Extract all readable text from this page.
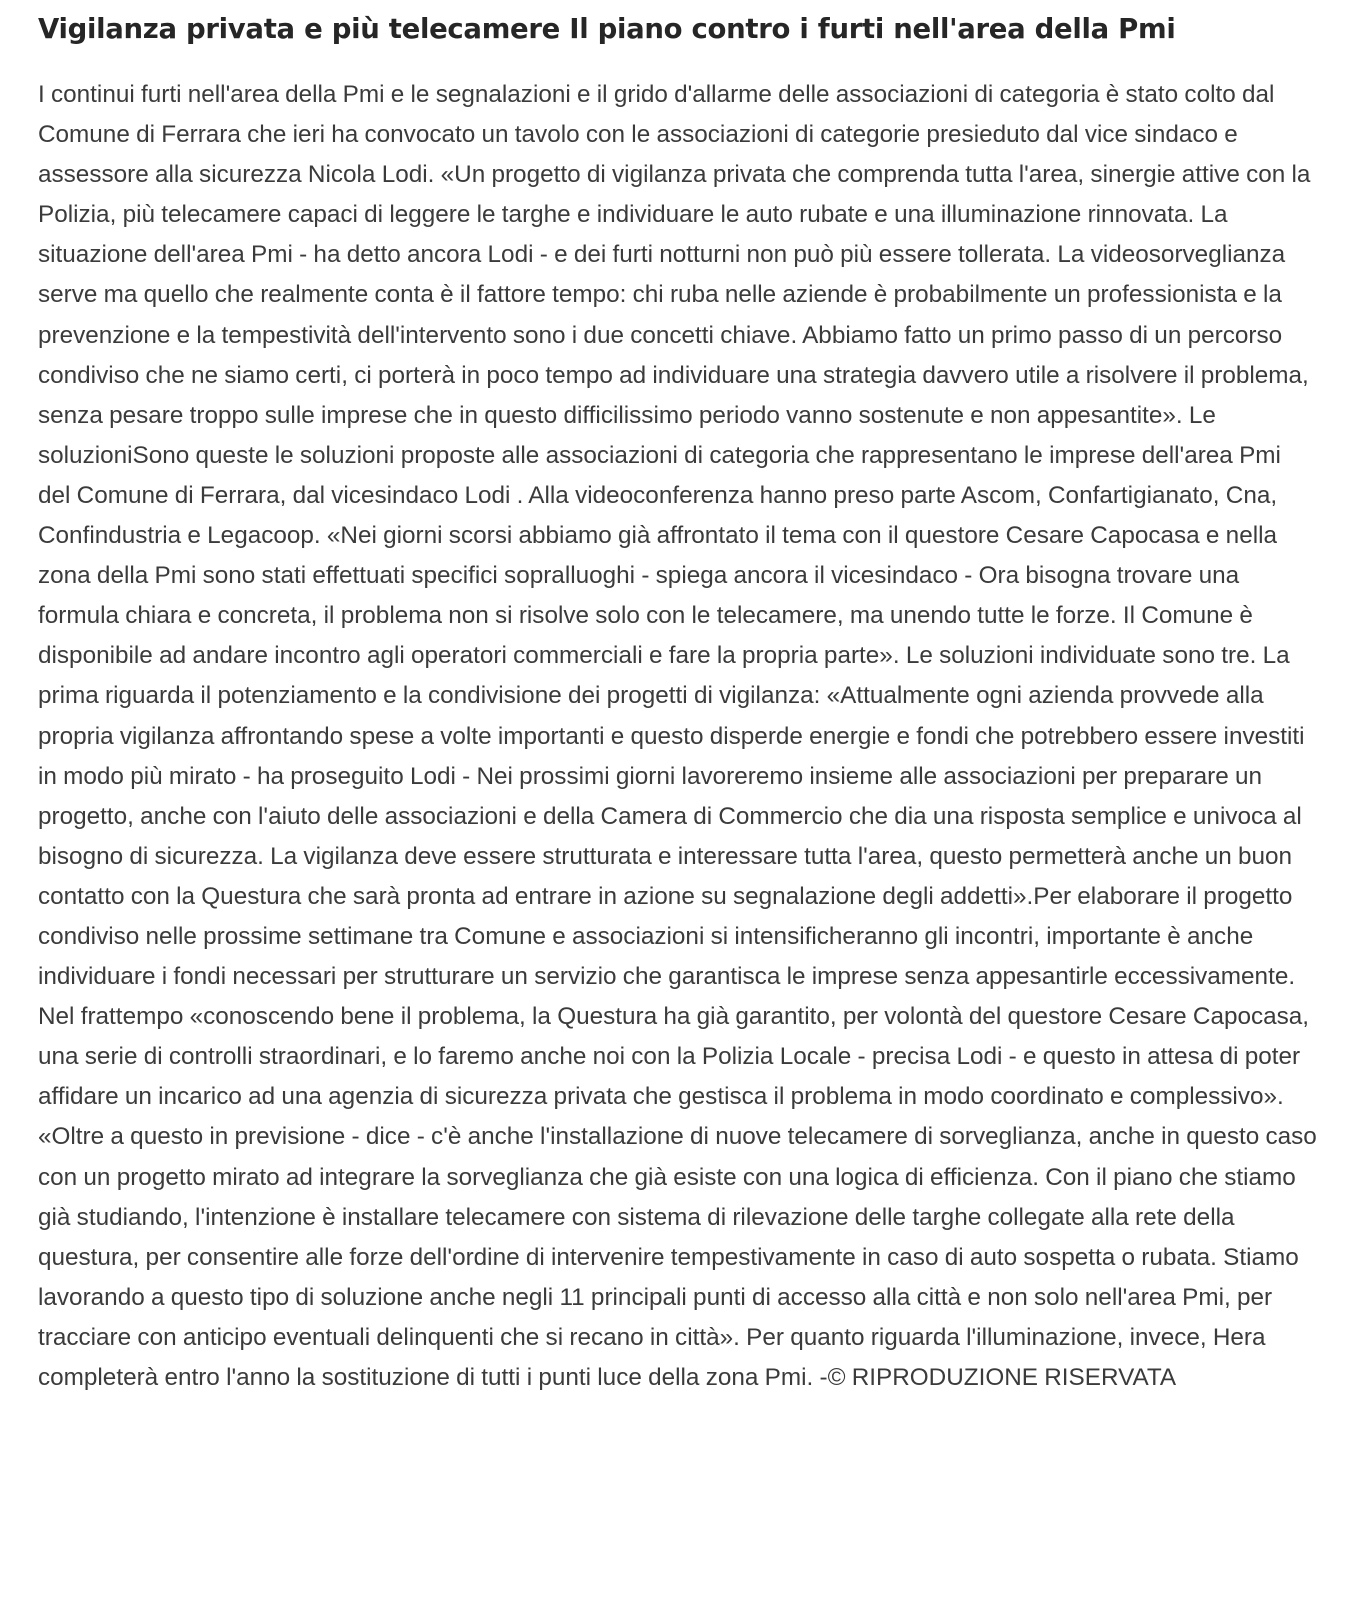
Vigilanza privata e più telecamere Il piano contro i furti nell'area della Pmi

I continui furti nell'area della Pmi e le segnalazioni e il grido d'allarme delle associazioni di categoria è stato colto dal Comune di Ferrara che ieri ha convocato un tavolo con le associazioni di categorie presieduto dal vice sindaco e assessore alla sicurezza Nicola Lodi. «Un progetto di vigilanza privata che comprenda tutta l'area, sinergie attive con la Polizia, più telecamere capaci di leggere le targhe e individuare le auto rubate e una illuminazione rinnovata. La situazione dell'area Pmi - ha detto ancora Lodi - e dei furti notturni non può più essere tollerata. La videosorveglianza serve ma quello che realmente conta è il fattore tempo: chi ruba nelle aziende è probabilmente un professionista e la prevenzione e la tempestività dell'intervento sono i due concetti chiave. Abbiamo fatto un primo passo di un percorso condiviso che ne siamo certi, ci porterà in poco tempo ad individuare una strategia davvero utile a risolvere il problema, senza pesare troppo sulle imprese che in questo difficilissimo periodo vanno sostenute e non appesantite». Le soluzioniSono queste le soluzioni proposte alle associazioni di categoria che rappresentano le imprese dell'area Pmi del Comune di Ferrara, dal vicesindaco Lodi . Alla videoconferenza hanno preso parte Ascom, Confartigianato, Cna, Confindustria e Legacoop. «Nei giorni scorsi abbiamo già affrontato il tema con il questore Cesare Capocasa e nella zona della Pmi sono stati effettuati specifici sopralluoghi - spiega ancora il vicesindaco - Ora bisogna trovare una formula chiara e concreta, il problema non si risolve solo con le telecamere, ma unendo tutte le forze. Il Comune è disponibile ad andare incontro agli operatori commerciali e fare la propria parte». Le soluzioni individuate sono tre. La prima riguarda il potenziamento e la condivisione dei progetti di vigilanza: «Attualmente ogni azienda provvede alla propria vigilanza affrontando spese a volte importanti e questo disperde energie e fondi che potrebbero essere investiti in modo più mirato - ha proseguito Lodi - Nei prossimi giorni lavoreremo insieme alle associazioni per preparare un progetto, anche con l'aiuto delle associazioni e della Camera di Commercio che dia una risposta semplice e univoca al bisogno di sicurezza. La vigilanza deve essere strutturata e interessare tutta l'area, questo permetterà anche un buon contatto con la Questura che sarà pronta ad entrare in azione su segnalazione degli addetti».Per elaborare il progetto condiviso nelle prossime settimane tra Comune e associazioni si intensificheranno gli incontri, importante è anche individuare i fondi necessari per strutturare un servizio che garantisca le imprese senza appesantirle eccessivamente. Nel frattempo «conoscendo bene il problema, la Questura ha già garantito, per volontà del questore Cesare Capocasa, una serie di controlli straordinari, e lo faremo anche noi con la Polizia Locale - precisa Lodi - e questo in attesa di poter affidare un incarico ad una agenzia di sicurezza privata che gestisca il problema in modo coordinato e complessivo». «Oltre a questo in previsione - dice - c'è anche l'installazione di nuove telecamere di sorveglianza, anche in questo caso con un progetto mirato ad integrare la sorveglianza che già esiste con una logica di efficienza. Con il piano che stiamo già studiando, l'intenzione è installare telecamere con sistema di rilevazione delle targhe collegate alla rete della questura, per consentire alle forze dell'ordine di intervenire tempestivamente in caso di auto sospetta o rubata. Stiamo lavorando a questo tipo di soluzione anche negli 11 principali punti di accesso alla città e non solo nell'area Pmi, per tracciare con anticipo eventuali delinquenti che si recano in città». Per quanto riguarda l'illuminazione, invece, Hera completerà entro l'anno la sostituzione di tutti i punti luce della zona Pmi. -© RIPRODUZIONE RISERVATA
